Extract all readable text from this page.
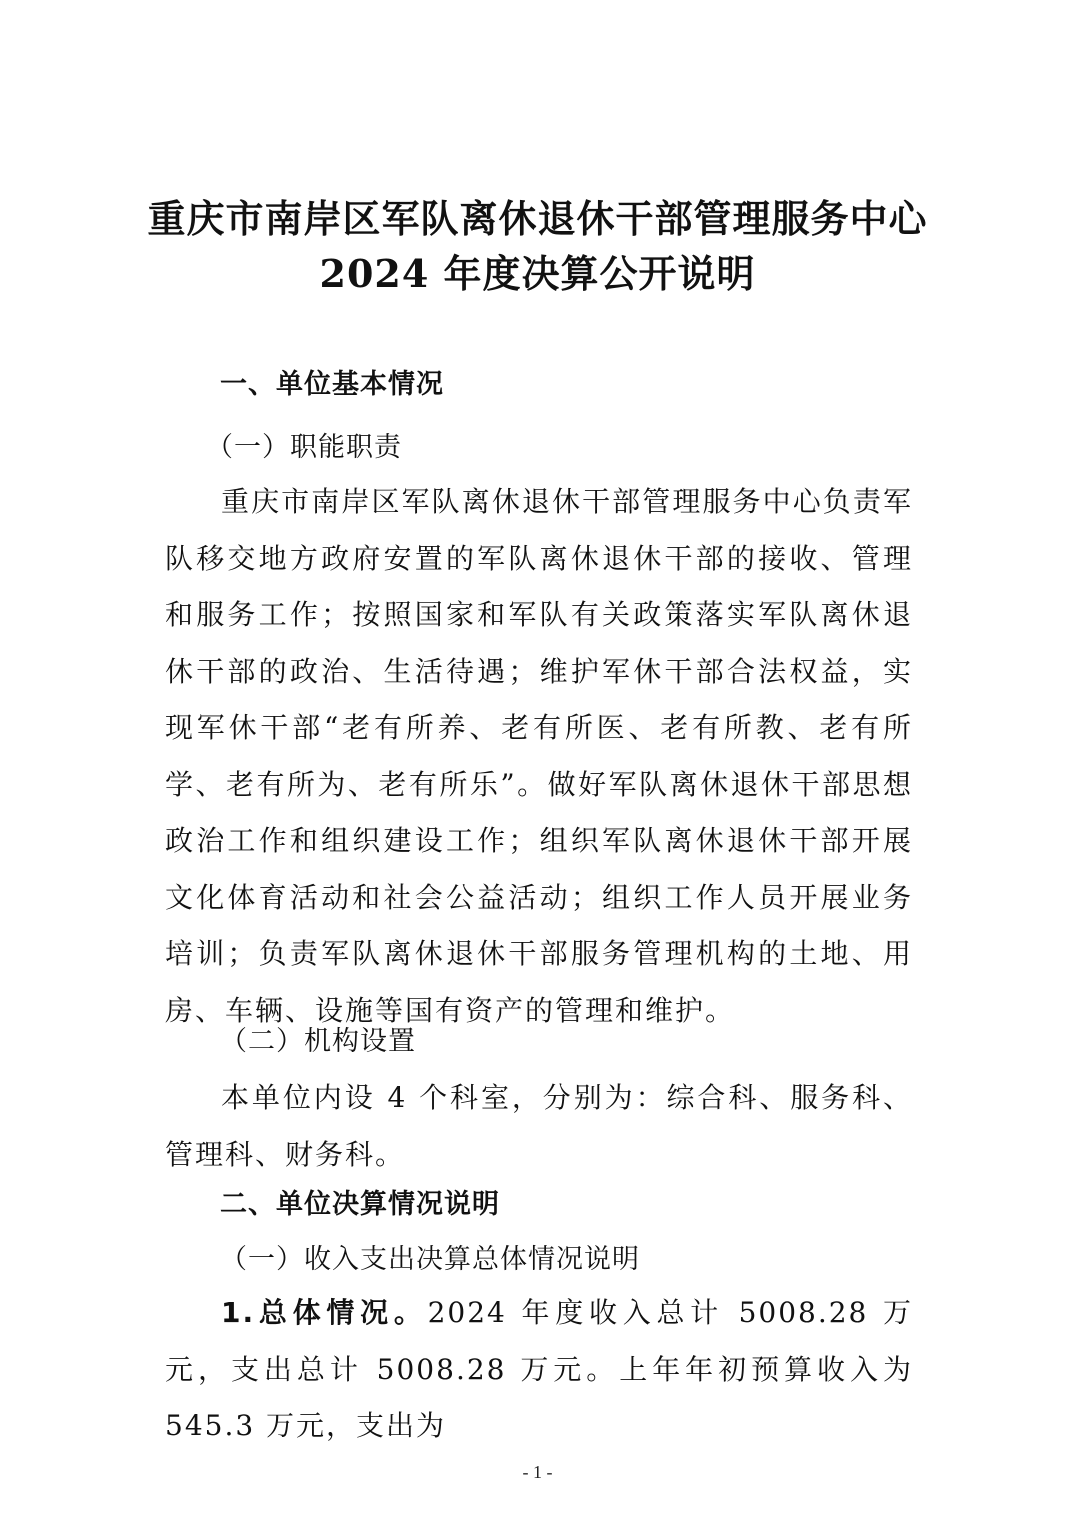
重庆市南岸区军队离休退休干部管理服务中心
2024 年度决算公开说明
一、单位基本情况
（一）职能职责

重庆市南岸区军队离休退休干部管理服务中心负责军队移交地方政府安置的军队离休退休干部的接收、管理和服务工作；按照国家和军队有关政策落实军队离休退休干部的政治、生活待遇；维护军休干部合法权益，实现军休干部“老有所养、老有所医、老有所教、老有所学、老有所为、老有所乐”。做好军队离休退休干部思想政治工作和组织建设工作；组织军队离休退休干部开展文化体育活动和社会公益活动；组织工作人员开展业务培训；负责军队离休退休干部服务管理机构的土地、用房、车辆、设施等国有资产的管理和维护。

（二）机构设置

本单位内设 4 个科室，分别为：综合科、服务科、管理科、财务科。

二、单位决算情况说明
（一）收入支出决算总体情况说明

1.总体情况。2024 年度收入总计 5008.28 万元，支出总计 5008.28 万元。上年年初预算收入为 545.3 万元，支出为

- 1 -
